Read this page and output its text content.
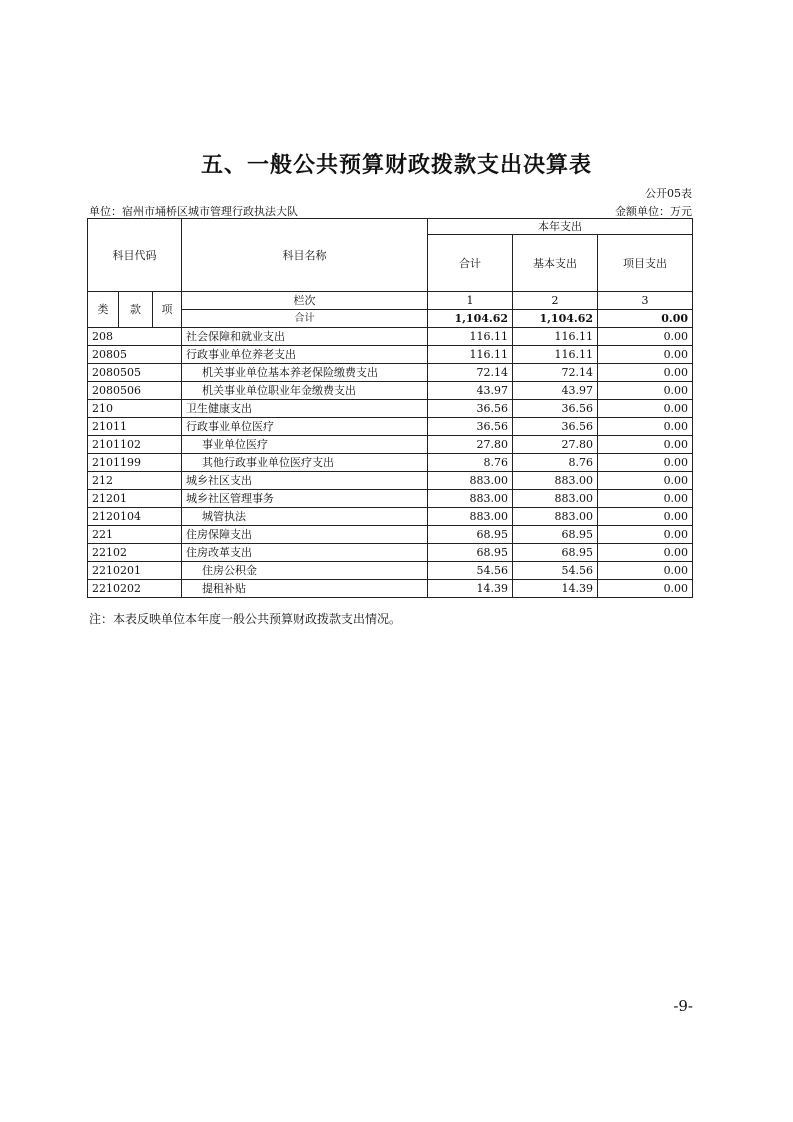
五、一般公共预算财政拨款支出决算表
公开05表
单位：宿州市埇桥区城市管理行政执法大队	金额单位：万元
科目代码			科目名称	本年支出		
				合计	基本支出	项目支出
类	款	项	栏次	1	2	3
			合计	1,104.62	1,104.62	0.00
208			社会保障和就业支出	116.11	116.11	0.00
20805			行政事业单位养老支出	116.11	116.11	0.00
2080505			机关事业单位基本养老保险缴费支出	72.14	72.14	0.00
2080506			机关事业单位职业年金缴费支出	43.97	43.97	0.00
210			卫生健康支出	36.56	36.56	0.00
21011			行政事业单位医疗	36.56	36.56	0.00
2101102			事业单位医疗	27.80	27.80	0.00
2101199			其他行政事业单位医疗支出	8.76	8.76	0.00
212			城乡社区支出	883.00	883.00	0.00
21201			城乡社区管理事务	883.00	883.00	0.00
2120104			城管执法	883.00	883.00	0.00
221			住房保障支出	68.95	68.95	0.00
22102			住房改革支出	68.95	68.95	0.00
2210201			住房公积金	54.56	54.56	0.00
2210202			提租补贴	14.39	14.39	0.00
注：本表反映单位本年度一般公共预算财政拨款支出情况。
-9-
